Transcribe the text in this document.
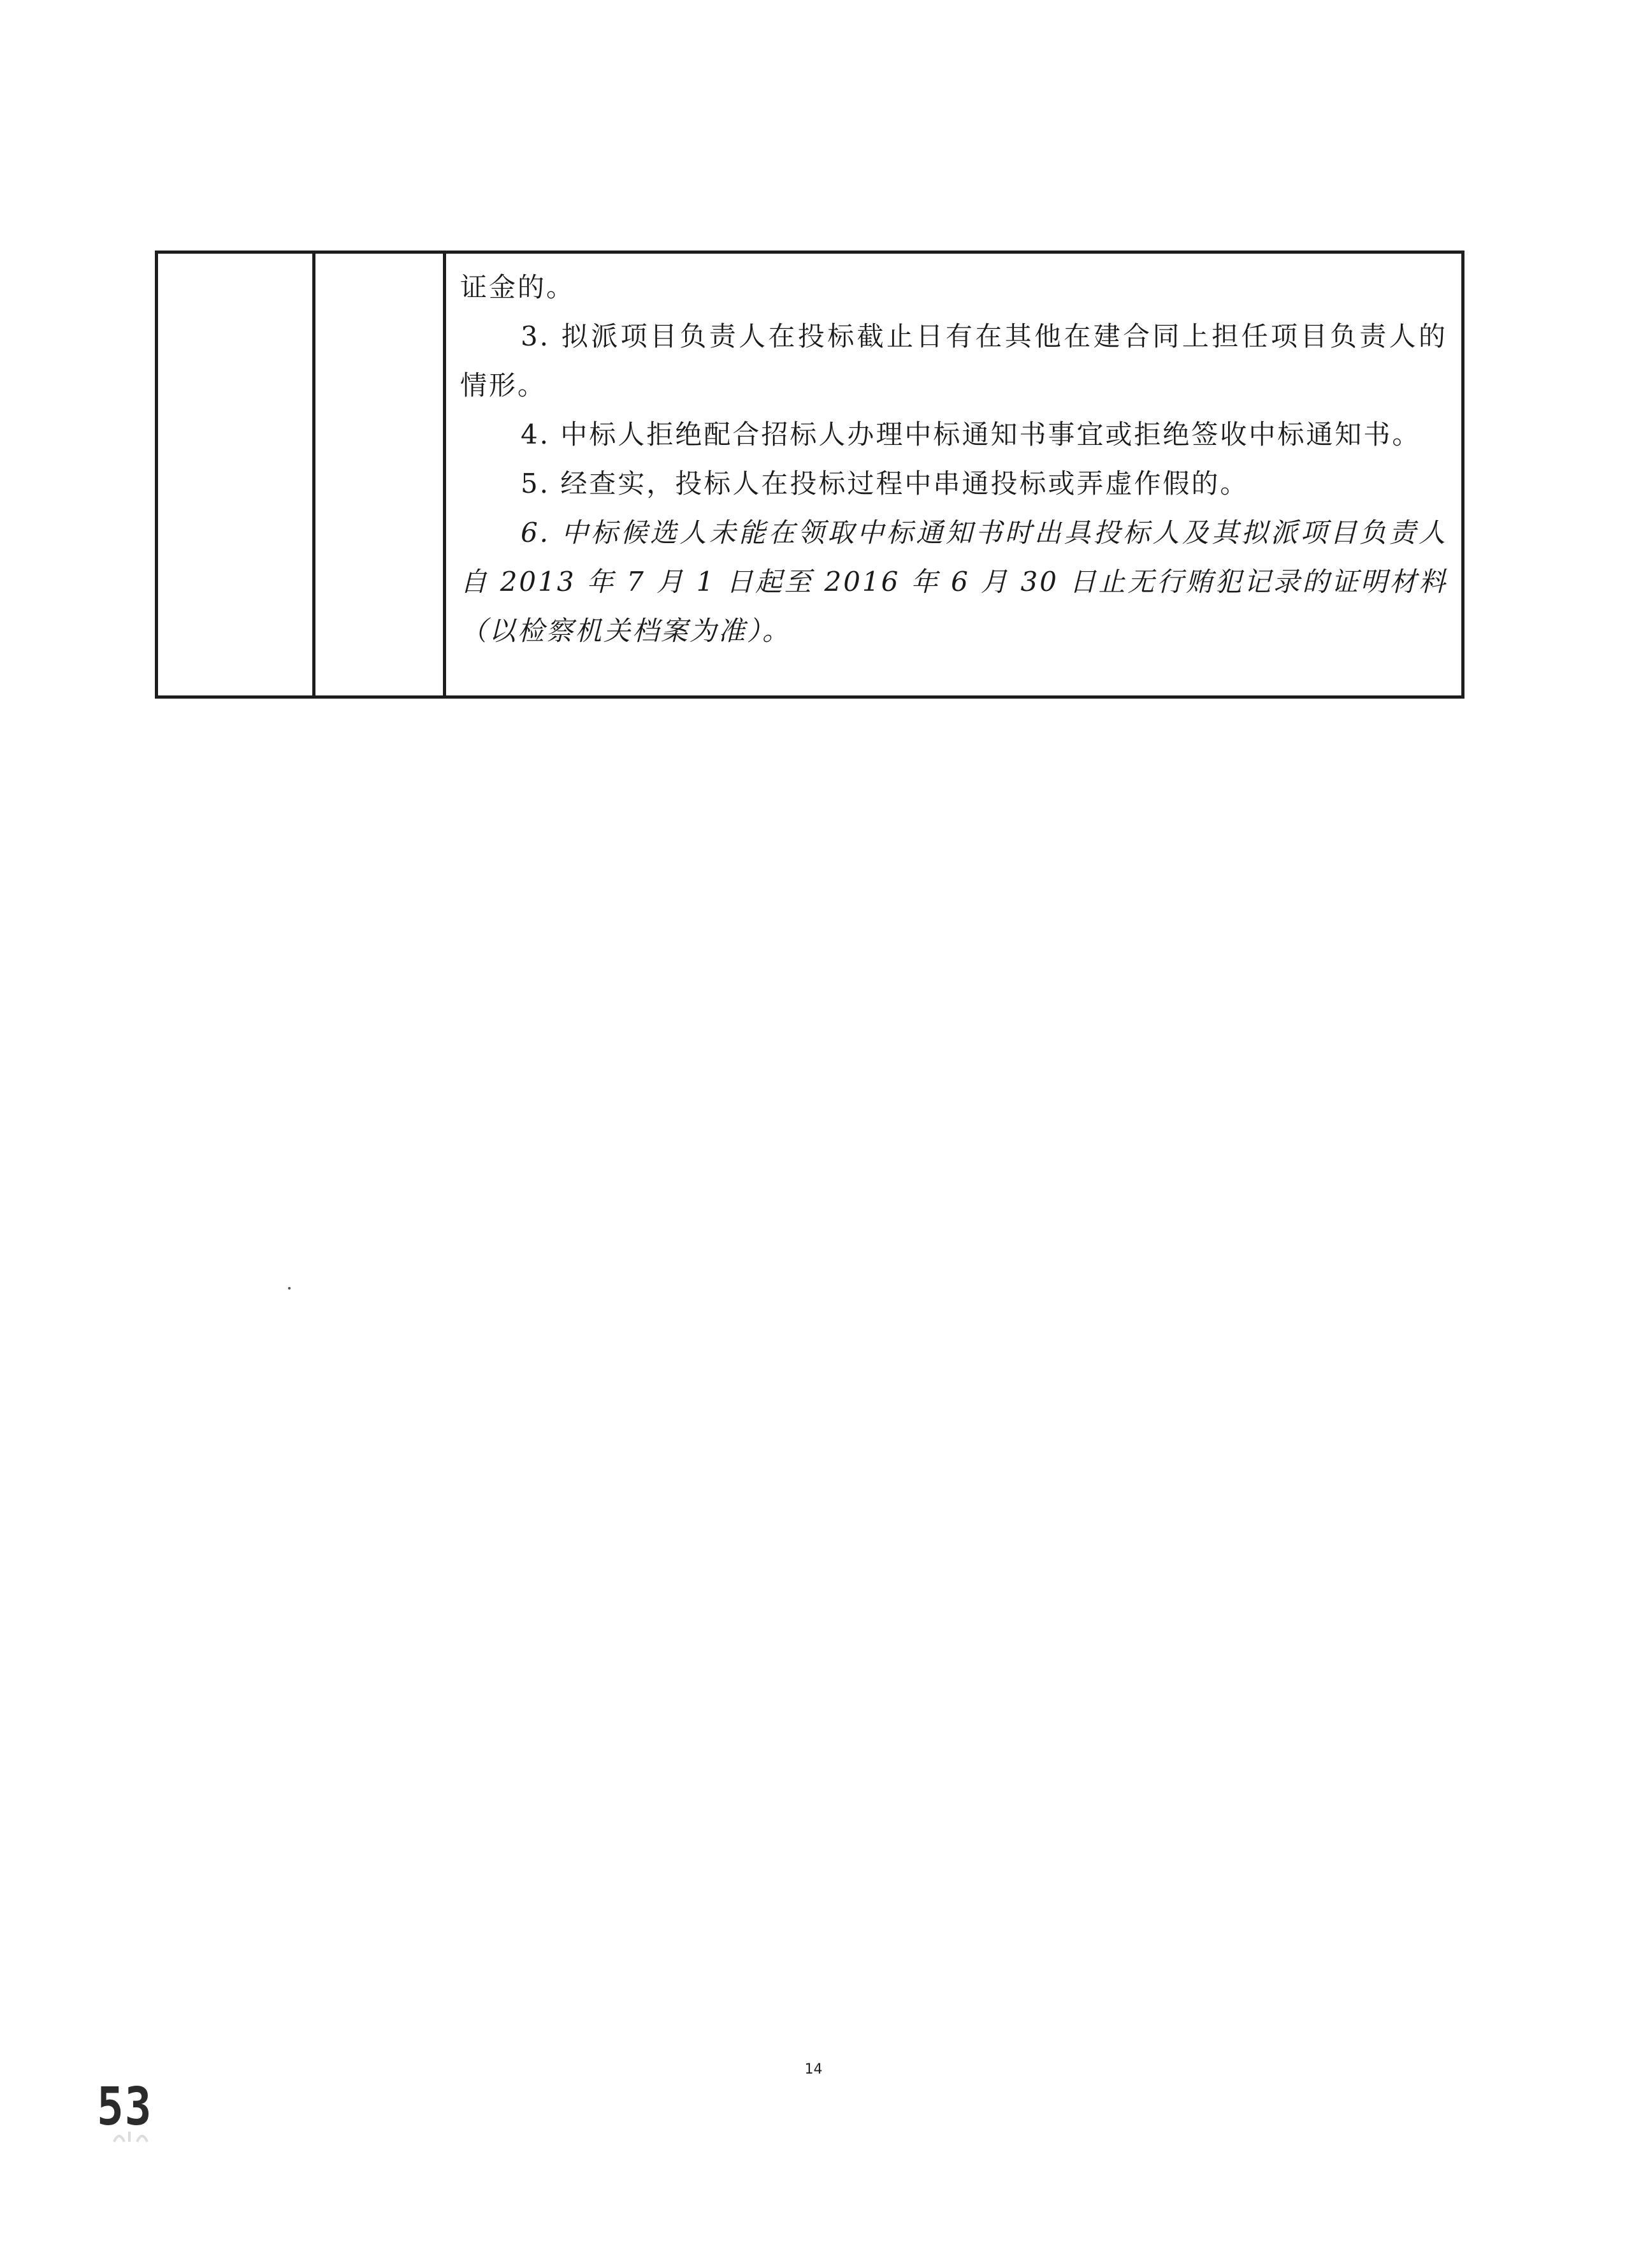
证金的。

3. 拟派项目负责人在投标截止日有在其他在建合同上担任项目负责人的情形。

4. 中标人拒绝配合招标人办理中标通知书事宜或拒绝签收中标通知书。

5. 经查实，投标人在投标过程中串通投标或弄虚作假的。

6. 中标候选人未能在领取中标通知书时出具投标人及其拟派项目负责人自 2013 年 7 月 1 日起至 2016 年 6 月 30 日止无行贿犯记录的证明材料（以检察机关档案为准）。

14
53
